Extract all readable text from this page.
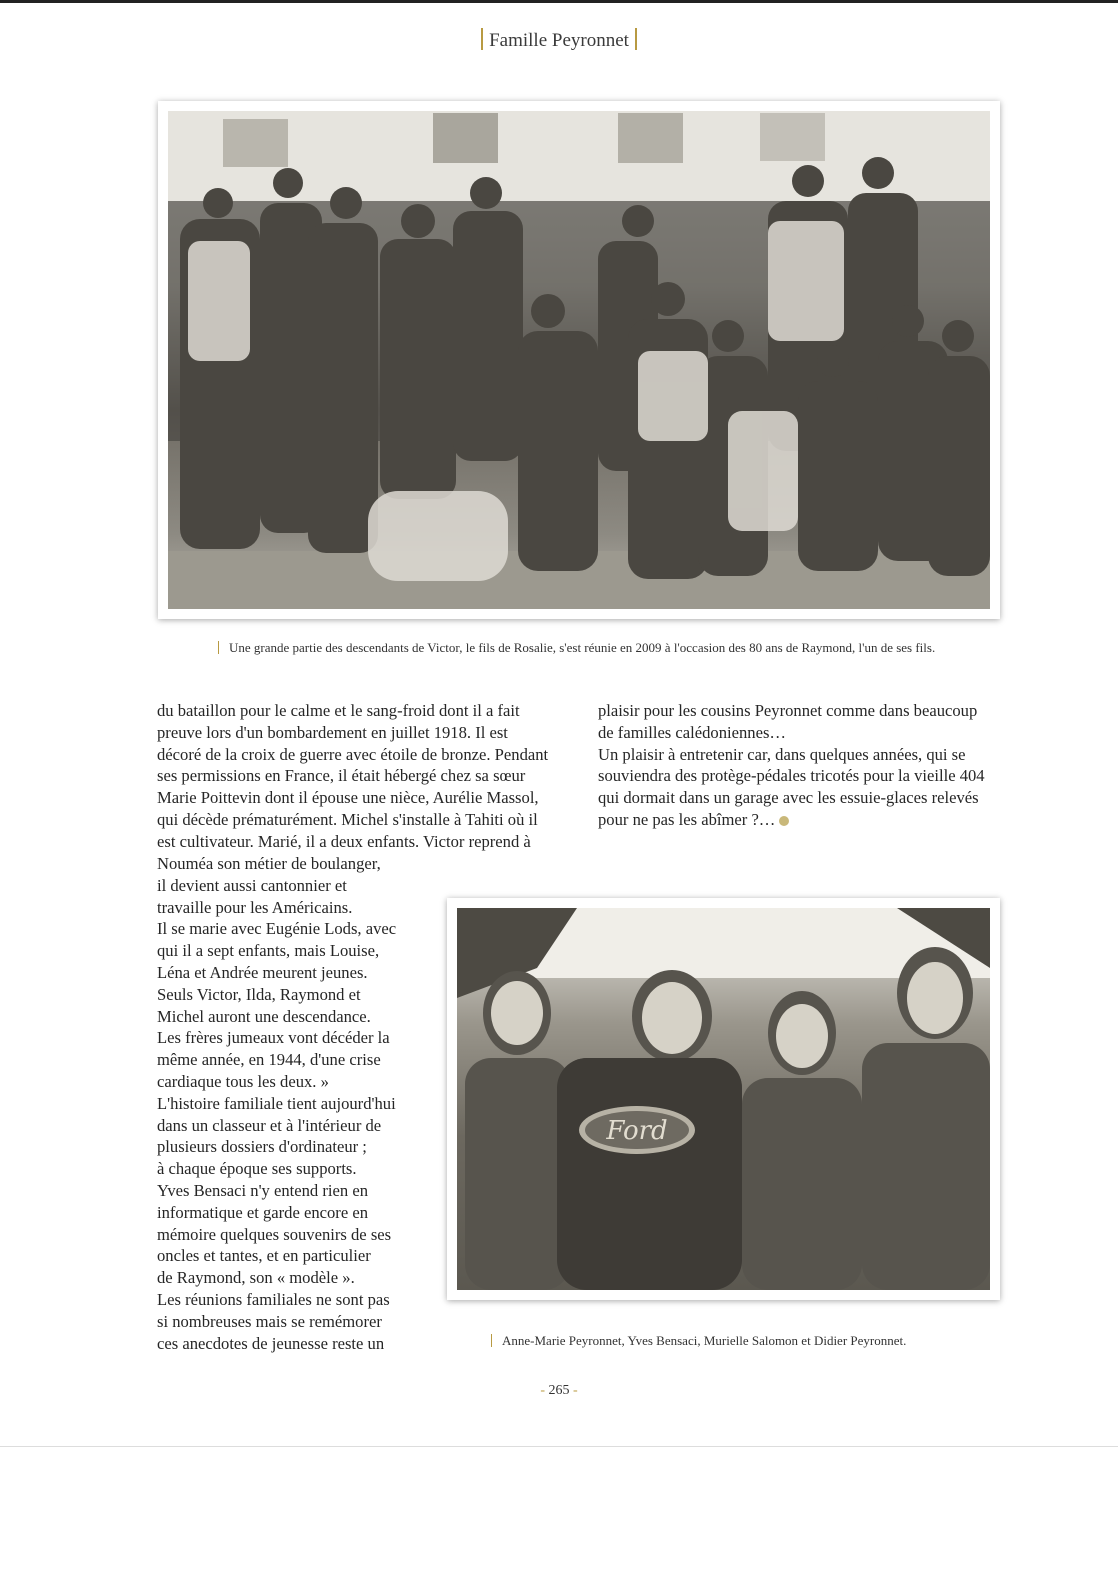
Famille Peyronnet
Une grande partie des descendants de Victor, le fils de Rosalie, s'est réunie en 2009 à l'occasion des 80 ans de Raymond, l'un de ses fils.
du bataillon pour le calme et le sang-froid dont il a fait
preuve lors d'un bombardement en juillet 1918. Il est
décoré de la croix de guerre avec étoile de bronze. Pendant
ses permissions en France, il était hébergé chez sa sœur
Marie Poittevin dont il épouse une nièce, Aurélie Massol,
qui décède prématurément. Michel s'installe à Tahiti où il
est cultivateur. Marié, il a deux enfants. Victor reprend à
Nouméa son métier de boulanger,
il devient aussi cantonnier et
travaille pour les Américains.
Il se marie avec Eugénie Lods, avec
qui il a sept enfants, mais Louise,
Léna et Andrée meurent jeunes.
Seuls Victor, Ilda, Raymond et
Michel auront une descendance.
Les frères jumeaux vont décéder la
même année, en 1944, d'une crise
cardiaque tous les deux. »
L'histoire familiale tient aujourd'hui
dans un classeur et à l'intérieur de
plusieurs dossiers d'ordinateur ;
à chaque époque ses supports.
Yves Bensaci n'y entend rien en
informatique et garde encore en
mémoire quelques souvenirs de ses
oncles et tantes, et en particulier
de Raymond, son « modèle ».
Les réunions familiales ne sont pas
si nombreuses mais se remémorer
ces anecdotes de jeunesse reste un
plaisir pour les cousins Peyronnet comme dans beaucoup
de familles calédoniennes…
Un plaisir à entretenir car, dans quelques années, qui se
souviendra des protège-pédales tricotés pour la vieille 404
qui dormait dans un garage avec les essuie-glaces relevés
pour ne pas les abîmer ?…
Ford
Anne-Marie Peyronnet, Yves Bensaci, Murielle Salomon et Didier Peyronnet.
- 265 -
